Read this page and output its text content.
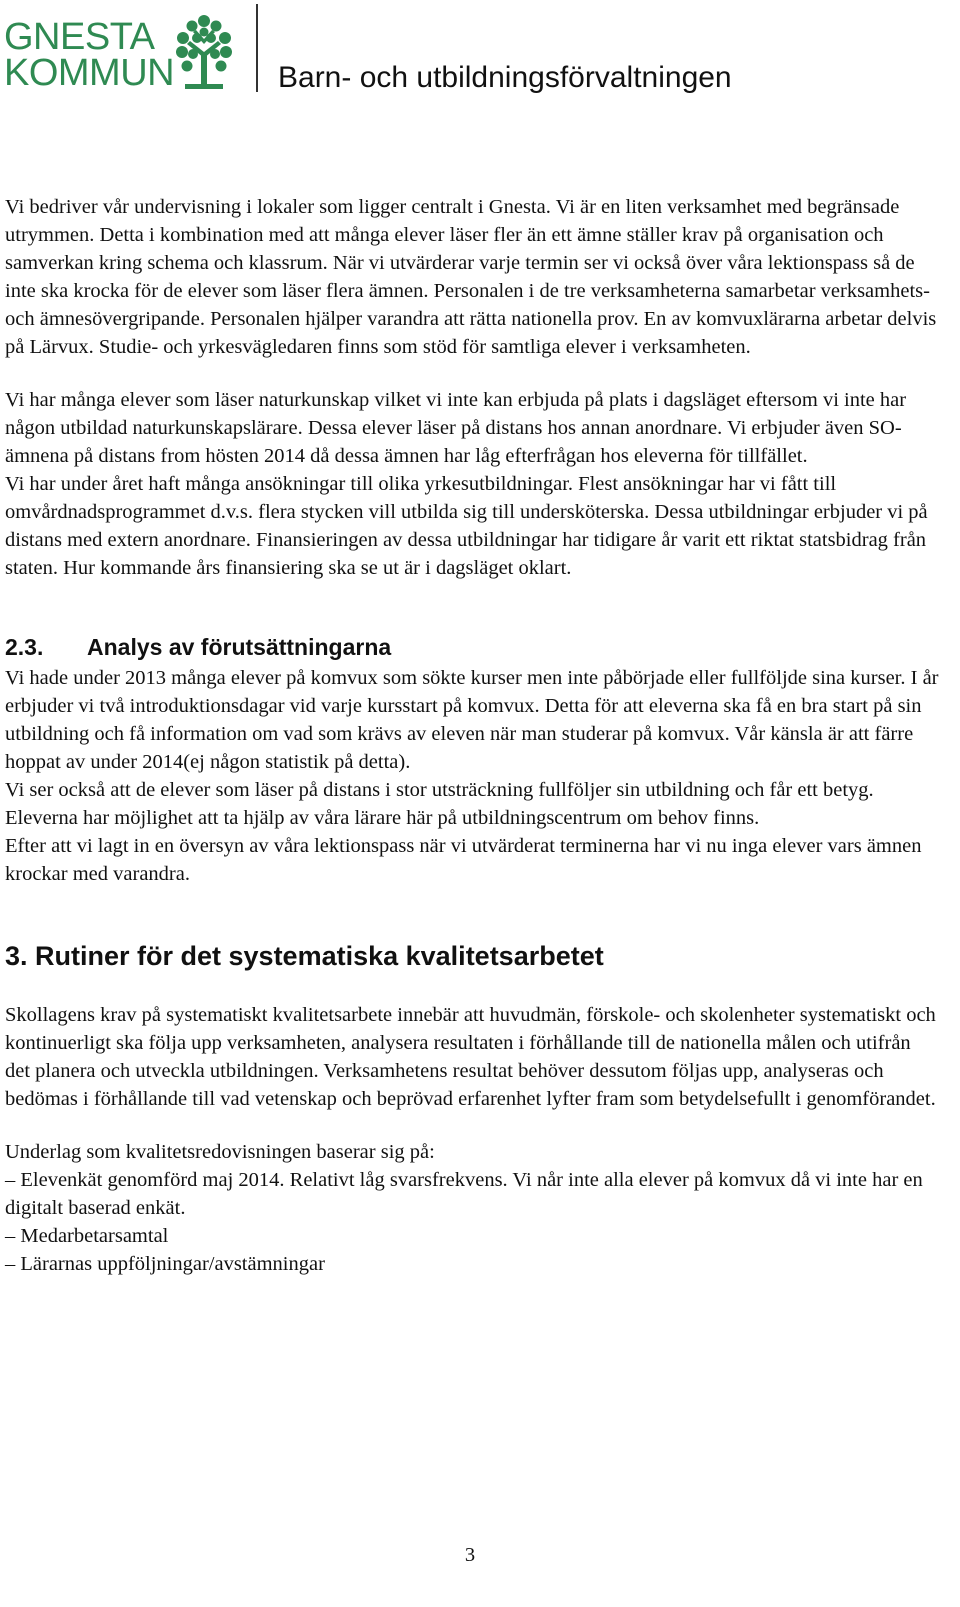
GNESTA
KOMMUN	Barn- och utbildningsförvaltningen

Vi bedriver vår undervisning i lokaler som ligger centralt i Gnesta. Vi är en liten verksamhet med begränsade utrymmen. Detta i kombination med att många elever läser fler än ett ämne ställer krav på organisation och samverkan kring schema och klassrum. När vi utvärderar varje termin ser vi också över våra lektionspass så de inte ska krocka för de elever som läser flera ämnen. Personalen i de tre verksamheterna samarbetar verksamhets- och ämnesövergripande. Personalen hjälper varandra att rätta nationella prov. En av komvuxlärarna arbetar delvis på Lärvux. Studie- och yrkesvägledaren finns som stöd för samtliga elever i verksamheten.

Vi har många elever som läser naturkunskap vilket vi inte kan erbjuda på plats i dagsläget eftersom vi inte har någon utbildad naturkunskapslärare. Dessa elever läser på distans hos annan anordnare. Vi erbjuder även SO- ämnena på distans from hösten 2014 då dessa ämnen har låg efterfrågan hos eleverna för tillfället.

Vi har under året haft många ansökningar till olika yrkesutbildningar. Flest ansökningar har vi fått till omvårdnadsprogrammet d.v.s. flera stycken vill utbilda sig till undersköterska. Dessa utbildningar erbjuder vi på distans med extern anordnare. Finansieringen av dessa utbildningar har tidigare år varit ett riktat statsbidrag från staten. Hur kommande års finansiering ska se ut är i dagsläget oklart.

2.3. Analys av förutsättningarna

Vi hade under 2013 många elever på komvux som sökte kurser men inte påbörjade eller fullföljde sina kurser. I år erbjuder vi två introduktionsdagar vid varje kursstart på komvux. Detta för att eleverna ska få en bra start på sin utbildning och få information om vad som krävs av eleven när man studerar på komvux. Vår känsla är att färre hoppat av under 2014(ej någon statistik på detta).

Vi ser också att de elever som läser på distans i stor utsträckning fullföljer sin utbildning och får ett betyg. Eleverna har möjlighet att ta hjälp av våra lärare här på utbildningscentrum om behov finns.

Efter att vi lagt in en översyn av våra lektionspass när vi utvärderat terminerna har vi nu inga elever vars ämnen krockar med varandra.

3. Rutiner för det systematiska kvalitetsarbetet

Skollagens krav på systematiskt kvalitetsarbete innebär att huvudmän, förskole- och skolenheter systematiskt och kontinuerligt ska följa upp verksamheten, analysera resultaten i förhållande till de nationella målen och utifrån det planera och utveckla utbildningen. Verksamhetens resultat behöver dessutom följas upp, analyseras och bedömas i förhållande till vad vetenskap och beprövad erfarenhet lyfter fram som betydelsefullt i genomförandet.

Underlag som kvalitetsredovisningen baserar sig på:

– Elevenkät genomförd maj 2014. Relativt låg svarsfrekvens. Vi når inte alla elever på komvux då vi inte har en digitalt baserad enkät.

– Medarbetarsamtal

– Lärarnas uppföljningar/avstämningar

3
